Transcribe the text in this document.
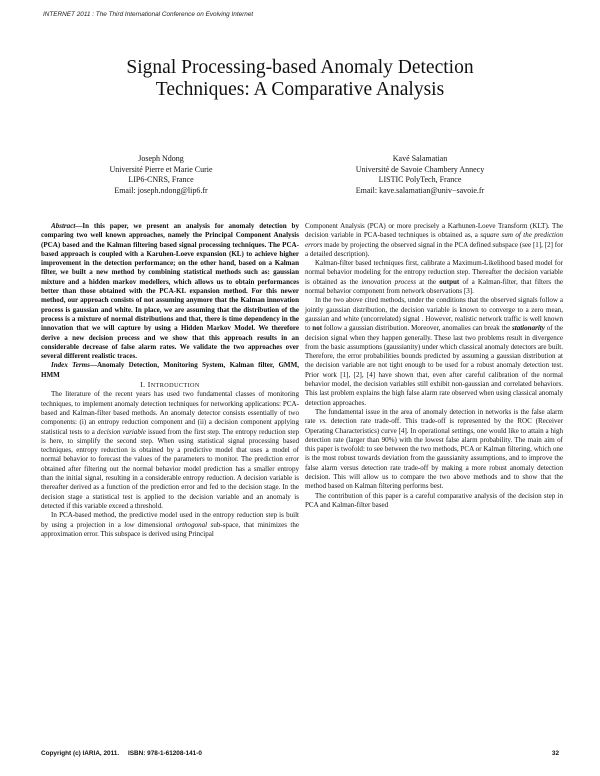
INTERNET 2011 : The Third International Conference on Evolving Internet
Signal Processing-based Anomaly Detection
Techniques: A Comparative Analysis
Joseph Ndong
Université Pierre et Marie Curie
LIP6-CNRS, France
Email: joseph.ndong@lip6.fr
Kavé Salamatian
Université de Savoie Chambery Annecy
LISTIC PolyTech, France
Email: kave.salamatian@univ−savoie.fr

Abstract—In this paper, we present an analysis for anomaly detection by comparing two well known approaches, namely the Principal Component Analysis (PCA) based and the Kalman filtering based signal processing techniques. The PCA-based approach is coupled with a Karuhen-Loeve expansion (KL) to achieve higher improvement in the detection performance; on the other hand, based on a Kalman filter, we built a new method by combining statistical methods such as: gaussian mixture and a hidden markov modellers, which allows us to obtain performances better than those obtained with the PCA-KL expansion method. For this newer method, our approach consists of not assuming anymore that the Kalman innovation process is gaussian and white. In place, we are assuming that the distribution of the process is a mixture of normal distributions and that, there is time dependency in the innovation that we will capture by using a Hidden Markov Model. We therefore derive a new decision process and we show that this approach results in an considerable decrease of false alarm rates. We validate the two approaches over several different realistic traces.

Index Terms—Anomaly Detection, Monitoring System, Kalman filter, GMM, HMM

I. INTRODUCTION

The literature of the recent years has used two fundamental classes of monitoring techniques, to implement anomaly detection techniques for networking applications: PCA-based and Kalman-filter based methods. An anomaly detector consists essentially of two components: (i) an entropy reduction component and (ii) a decision component applying statistical tests to a decision variable issued from the first step. The entropy reduction step is here, to simplify the second step. When using statistical signal processing based techniques, entropy reduction is obtained by a predictive model that uses a model of normal behavior to forecast the values of the parameters to monitor. The prediction error obtained after filtering out the normal behavior model prediction has a smaller entropy than the initial signal, resulting in a considerable entropy reduction. A decision variable is thereafter derived as a function of the prediction error and fed to the decision stage. In the decision stage a statistical test is applied to the decision variable and an anomaly is detected if this variable exceed a threshold.

In PCA-based method, the predictive model used in the entropy reduction step is built by using a projection in a low dimensional orthogonal sub-space, that minimizes the approximation error. This subspace is derived using Principal

Component Analysis (PCA) or more precisely a Karhunen-Loeve Transform (KLT). The decision variable in PCA-based techniques is obtained as, a square sum of the prediction errors made by projecting the observed signal in the PCA defined subspace (see [1], [2] for a detailed description).

Kalman-filter based techniques first, calibrate a Maximum-Likelihood based model for normal behavior modeling for the entropy reduction step. Thereafter the decision variable is obtained as the innovation process at the output of a Kalman-filter, that filters the normal behavior component from network observations [3].

In the two above cited methods, under the conditions that the observed signals follow a jointly gaussian distribution, the decision variable is known to converge to a zero mean, gaussian and white (uncorrelated) signal . However, realistic network traffic is well known to not follow a gaussian distribution. Moreover, anomalies can break the stationarity of the decision signal when they happen generally. These last two problems result in divergence from the basic assumptions (gaussianity) under which classical anomaly detectors are built. Therefore, the error probabilities bounds predicted by assuming a gaussian distribution at the decision variable are not tight enough to be used for a robust anomaly detection test. Prior work [1], [2], [4] have shown that, even after careful calibration of the normal behavior model, the decision variables still exhibit non-gaussian and correlated behaviors. This last problem explains the high false alarm rate observed when using classical anomaly detection approaches.

The fundamental issue in the area of anomaly detection in networks is the false alarm rate vs. detection rate trade-off. This trade-off is represented by the ROC (Receiver Operating Characteristics) curve [4]. In operational settings, one would like to attain a high detection rate (larger than 90%) with the lowest false alarm probability. The main aim of this paper is twofold: to see between the two methods, PCA or Kalman filtering, which one is the most robust towards deviation from the gaussianity assumptions, and to improve the false alarm versus detection rate trade-off by making a more robust anomaly detection decision. This will allow us to compare the two above methods and to show that the method based on Kalman filtering performs best.

The contribution of this paper is a careful comparative analysis of the decision step in PCA and Kalman-filter based

Copyright (c) IARIA, 2011.     ISBN: 978-1-61208-141-0	32
